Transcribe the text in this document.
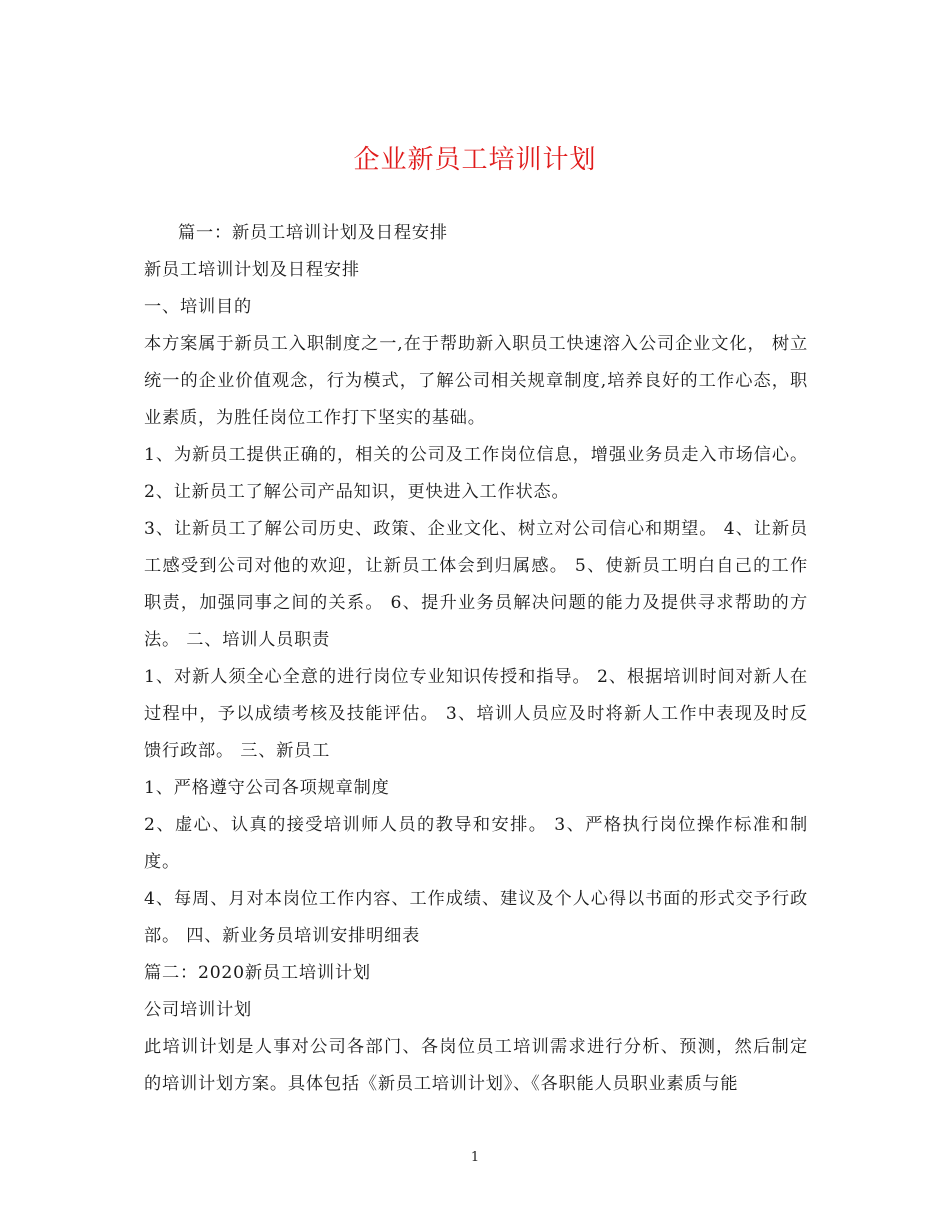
企业新员工培训计划

篇一：新员工培训计划及日程安排

新员工培训计划及日程安排

一、培训目的

本方案属于新员工入职制度之一,在于帮助新入职员工快速溶入公司企业文化， 树立统一的企业价值观念，行为模式，了解公司相关规章制度,培养良好的工作心态，职业素质，为胜任岗位工作打下坚实的基础。

1、为新员工提供正确的，相关的公司及工作岗位信息，增强业务员走入市场信心。 2、让新员工了解公司产品知识，更快进入工作状态。

3、让新员工了解公司历史、政策、企业文化、树立对公司信心和期望。 4、让新员工感受到公司对他的欢迎，让新员工体会到归属感。 5、使新员工明白自己的工作职责，加强同事之间的关系。 6、提升业务员解决问题的能力及提供寻求帮助的方法。 二、培训人员职责

1、对新人须全心全意的进行岗位专业知识传授和指导。 2、根据培训时间对新人在过程中，予以成绩考核及技能评估。 3、培训人员应及时将新人工作中表现及时反馈行政部。 三、新员工

1、严格遵守公司各项规章制度

2、虚心、认真的接受培训师人员的教导和安排。 3、严格执行岗位操作标准和制度。

4、每周、月对本岗位工作内容、工作成绩、建议及个人心得以书面的形式交予行政部。 四、新业务员培训安排明细表

篇二：2020新员工培训计划

公司培训计划

此培训计划是人事对公司各部门、各岗位员工培训需求进行分析、预测，然后制定的培训计划方案。具体包括《新员工培训计划》、《各职能人员职业素质与能

1
